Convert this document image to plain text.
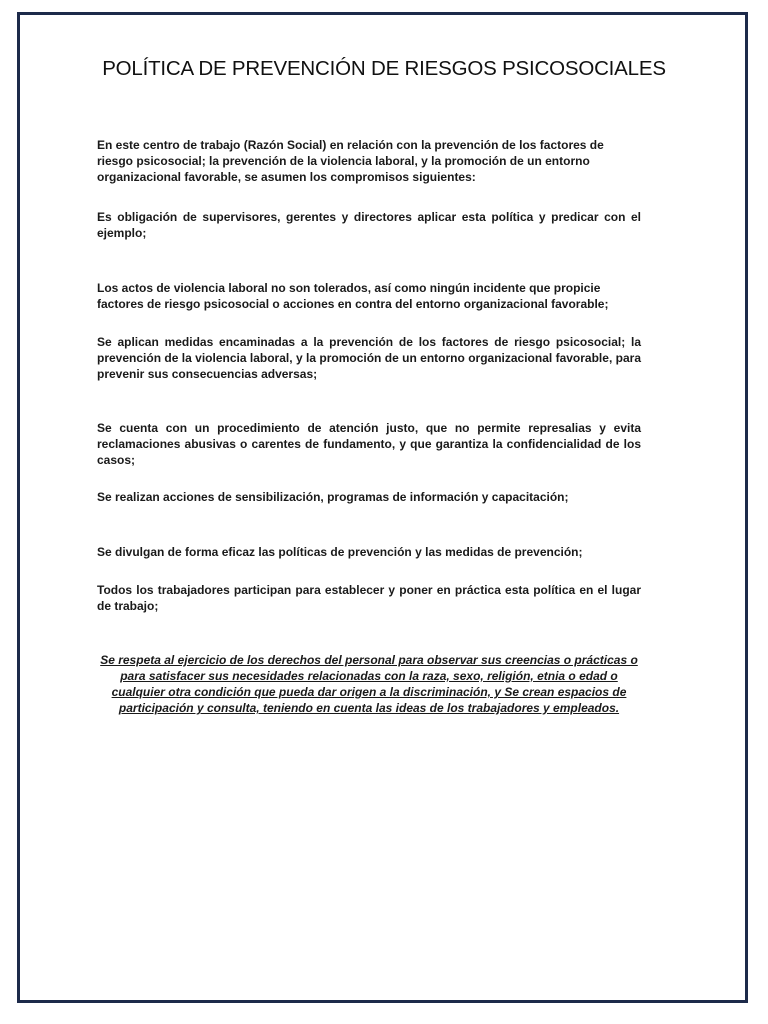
POLÍTICA DE PREVENCIÓN DE RIESGOS PSICOSOCIALES

En este centro de trabajo (Razón Social) en relación con la prevención de los factores de riesgo psicosocial; la prevención de la violencia laboral, y la promoción de un entorno organizacional favorable, se asumen los compromisos siguientes:

Es obligación de supervisores, gerentes y directores aplicar esta política y predicar con el ejemplo;

Los actos de violencia laboral no son tolerados, así como ningún incidente que propicie factores de riesgo psicosocial o acciones en contra del entorno organizacional favorable;

Se aplican medidas encaminadas a la prevención de los factores de riesgo psicosocial; la prevención de la violencia laboral, y la promoción de un entorno organizacional favorable, para prevenir sus consecuencias adversas;

Se cuenta con un procedimiento de atención justo, que no permite represalias y evita reclamaciones abusivas o carentes de fundamento, y que garantiza la confidencialidad de los casos;

Se realizan acciones de sensibilización, programas de información y capacitación;

Se divulgan de forma eficaz las políticas de prevención y las medidas de prevención;

Todos los trabajadores participan para establecer y poner en práctica esta política en el lugar de trabajo;

Se respeta al ejercicio de los derechos del personal para observar sus creencias o prácticas o para satisfacer sus necesidades relacionadas con la raza, sexo, religión, etnia o edad o cualquier otra condición que pueda dar origen a la discriminación, y Se crean espacios de participación y consulta, teniendo en cuenta las ideas de los trabajadores y empleados.
